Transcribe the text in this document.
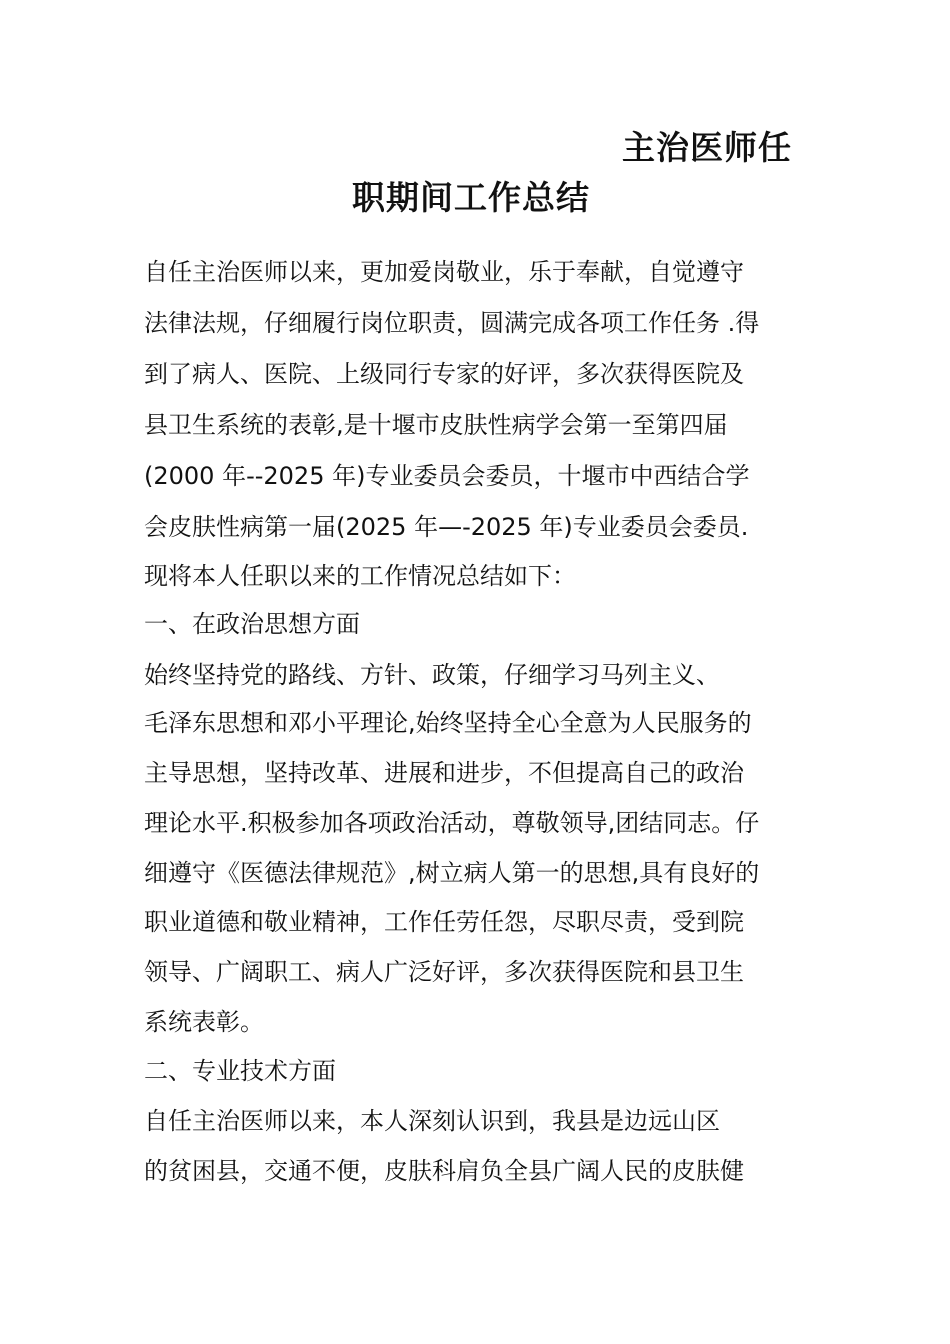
主治医师任
职期间工作总结
自任主治医师以来，更加爱岗敬业，乐于奉献，自觉遵守
法律法规，仔细履行岗位职责，圆满完成各项工作任务 .得
到了病人、医院、上级同行专家的好评，多次获得医院及
县卫生系统的表彰,是十堰市皮肤性病学会第一至第四届
(2000 年--2025 年)专业委员会委员，十堰市中西结合学
会皮肤性病第一届(2025 年—-2025 年)专业委员会委员.
现将本人任职以来的工作情况总结如下：
一、在政治思想方面
始终坚持党的路线、方针、政策，仔细学习马列主义、
毛泽东思想和邓小平理论,始终坚持全心全意为人民服务的
主导思想，坚持改革、进展和进步，不但提高自己的政治
理论水平.积极参加各项政治活动，尊敬领导,团结同志。仔
细遵守《医德法律规范》,树立病人第一的思想,具有良好的
职业道德和敬业精神，工作任劳任怨，尽职尽责，受到院
领导、广阔职工、病人广泛好评，多次获得医院和县卫生
系统表彰。
二、专业技术方面
自任主治医师以来，本人深刻认识到，我县是边远山区
的贫困县，交通不便，皮肤科肩负全县广阔人民的皮肤健
